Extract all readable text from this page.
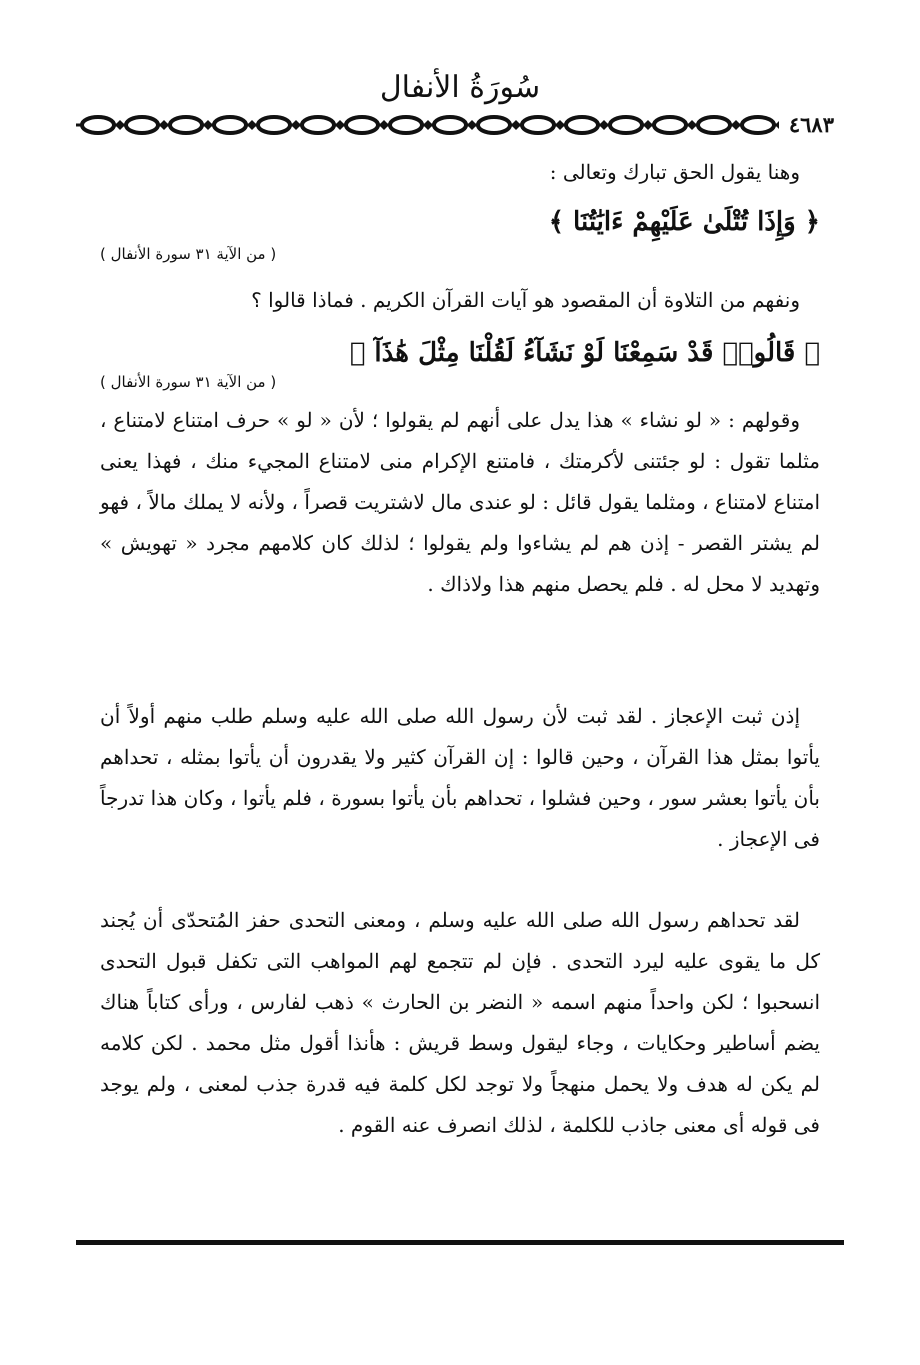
سُورَةُ الأنفال
٤٦٨٣

وهنا يقول الحق تبارك وتعالى :

﴿ وَإِذَا تُتْلَىٰ عَلَيْهِمْ ءَايَٰتُنَا ﴾
( من الآية ٣١ سورة الأنفال )

ونفهم من التلاوة أن المقصود هو آيات القرآن الكريم . فماذا قالوا ؟

﴿ قَالُوا۟ قَدْ سَمِعْنَا لَوْ نَشَآءُ لَقُلْنَا مِثْلَ هَٰذَآ ﴾
( من الآية ٣١ سورة الأنفال )
وقولهم : « لو نشاء » هذا يدل على أنهم لم يقولوا ؛ لأن « لو » حرف امتناع لامتناع ، مثلما تقول : لو جئتنى لأكرمتك ، فامتنع الإكرام منى لامتناع المجيء منك ، فهذا يعنى امتناع لامتناع ، ومثلما يقول قائل : لو عندى مال لاشتريت قصراً ، ولأنه لا يملك مالاً ، فهو لم يشتر القصر - إذن هم لم يشاءوا ولم يقولوا ؛ لذلك كان كلامهم مجرد « تهويش » وتهديد لا محل له . فلم يحصل منهم هذا ولاذاك .
إذن ثبت الإعجاز . لقد ثبت لأن رسول الله صلى الله عليه وسلم طلب منهم أولاً أن يأتوا بمثل هذا القرآن ، وحين قالوا : إن القرآن كثير ولا يقدرون أن يأتوا بمثله ، تحداهم بأن يأتوا بعشر سور ، وحين فشلوا ، تحداهم بأن يأتوا بسورة ، فلم يأتوا ، وكان هذا تدرجاً فى الإعجاز .
لقد تحداهم رسول الله صلى الله عليه وسلم ، ومعنى التحدى حفز المُتحدّى أن يُجند كل ما يقوى عليه ليرد التحدى . فإن لم تتجمع لهم المواهب التى تكفل قبول التحدى انسحبوا ؛ لكن واحداً منهم اسمه « النضر بن الحارث » ذهب لفارس ، ورأى كتاباً هناك يضم أساطير وحكايات ، وجاء ليقول وسط قريش : هأنذا أقول مثل محمد . لكن كلامه لم يكن له هدف ولا يحمل منهجاً ولا توجد لكل كلمة فيه قدرة جذب لمعنى ، ولم يوجد فى قوله أى معنى جاذب للكلمة ، لذلك انصرف عنه القوم .
